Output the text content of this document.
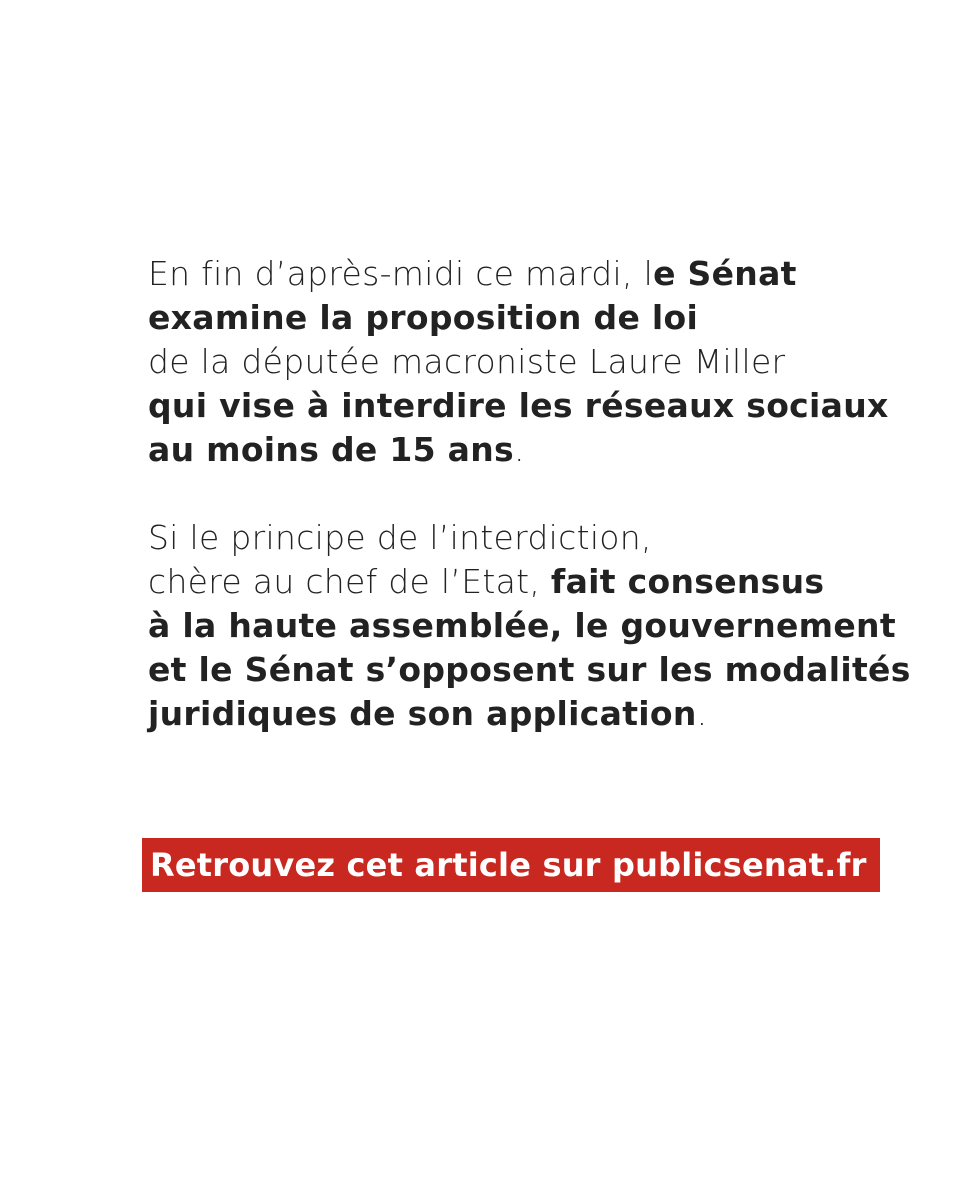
En fin d’après-midi ce mardi, le Sénat
examine la proposition de loi
de la députée macroniste Laure Miller
qui vise à interdire les réseaux sociaux
au moins de 15 ans.

Si le principe de l’interdiction,
chère au chef de l’Etat, fait consensus
à la haute assemblée, le gouvernement
et le Sénat s’opposent sur les modalités
juridiques de son application.

Retrouvez cet article sur publicsenat.fr
